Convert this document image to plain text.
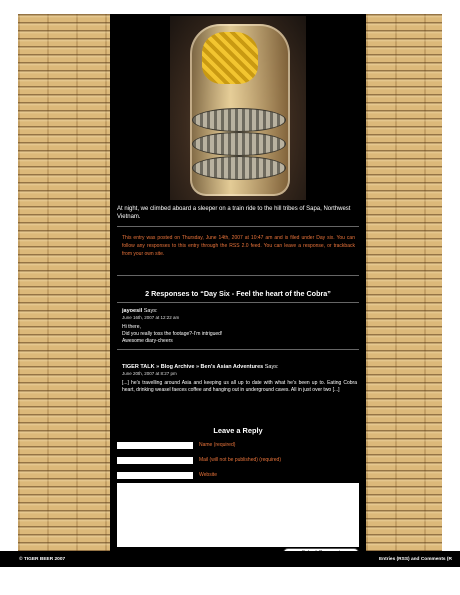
At night, we climbed aboard a sleeper on a train ride to the hill tribes of Sapa, Northwest Vietnam.
This entry was posted on Thursday, June 14th, 2007 at 10:47 am and is filed under Day six. You can follow any responses to this entry through the RSS 2.0 feed. You can leave a response, or trackback from your own site.
2 Responses to “Day Six - Feel the heart of the Cobra”
jayoesil Says:
June 16th, 2007 at 12:22 am
Hi there,
Did you really toss the footage?-I’m intrigued!
Awesome diary-cheers
TIGER TALK » Blog Archive » Ben’s Asian Adventures Says:
June 20th, 2007 at 8:27 pm
[...] he’s travelling around Asia and keeping us all up to date with what he’s been up to. Eating Cobra heart, drinking weasel faeces coffee and hanging out in underground caves. All in just over two [...]
Leave a Reply
Name (required)
Mail (will not be published) (required)
Website
© TIGER BEER 2007	Entries (RSS) and Comments (R
